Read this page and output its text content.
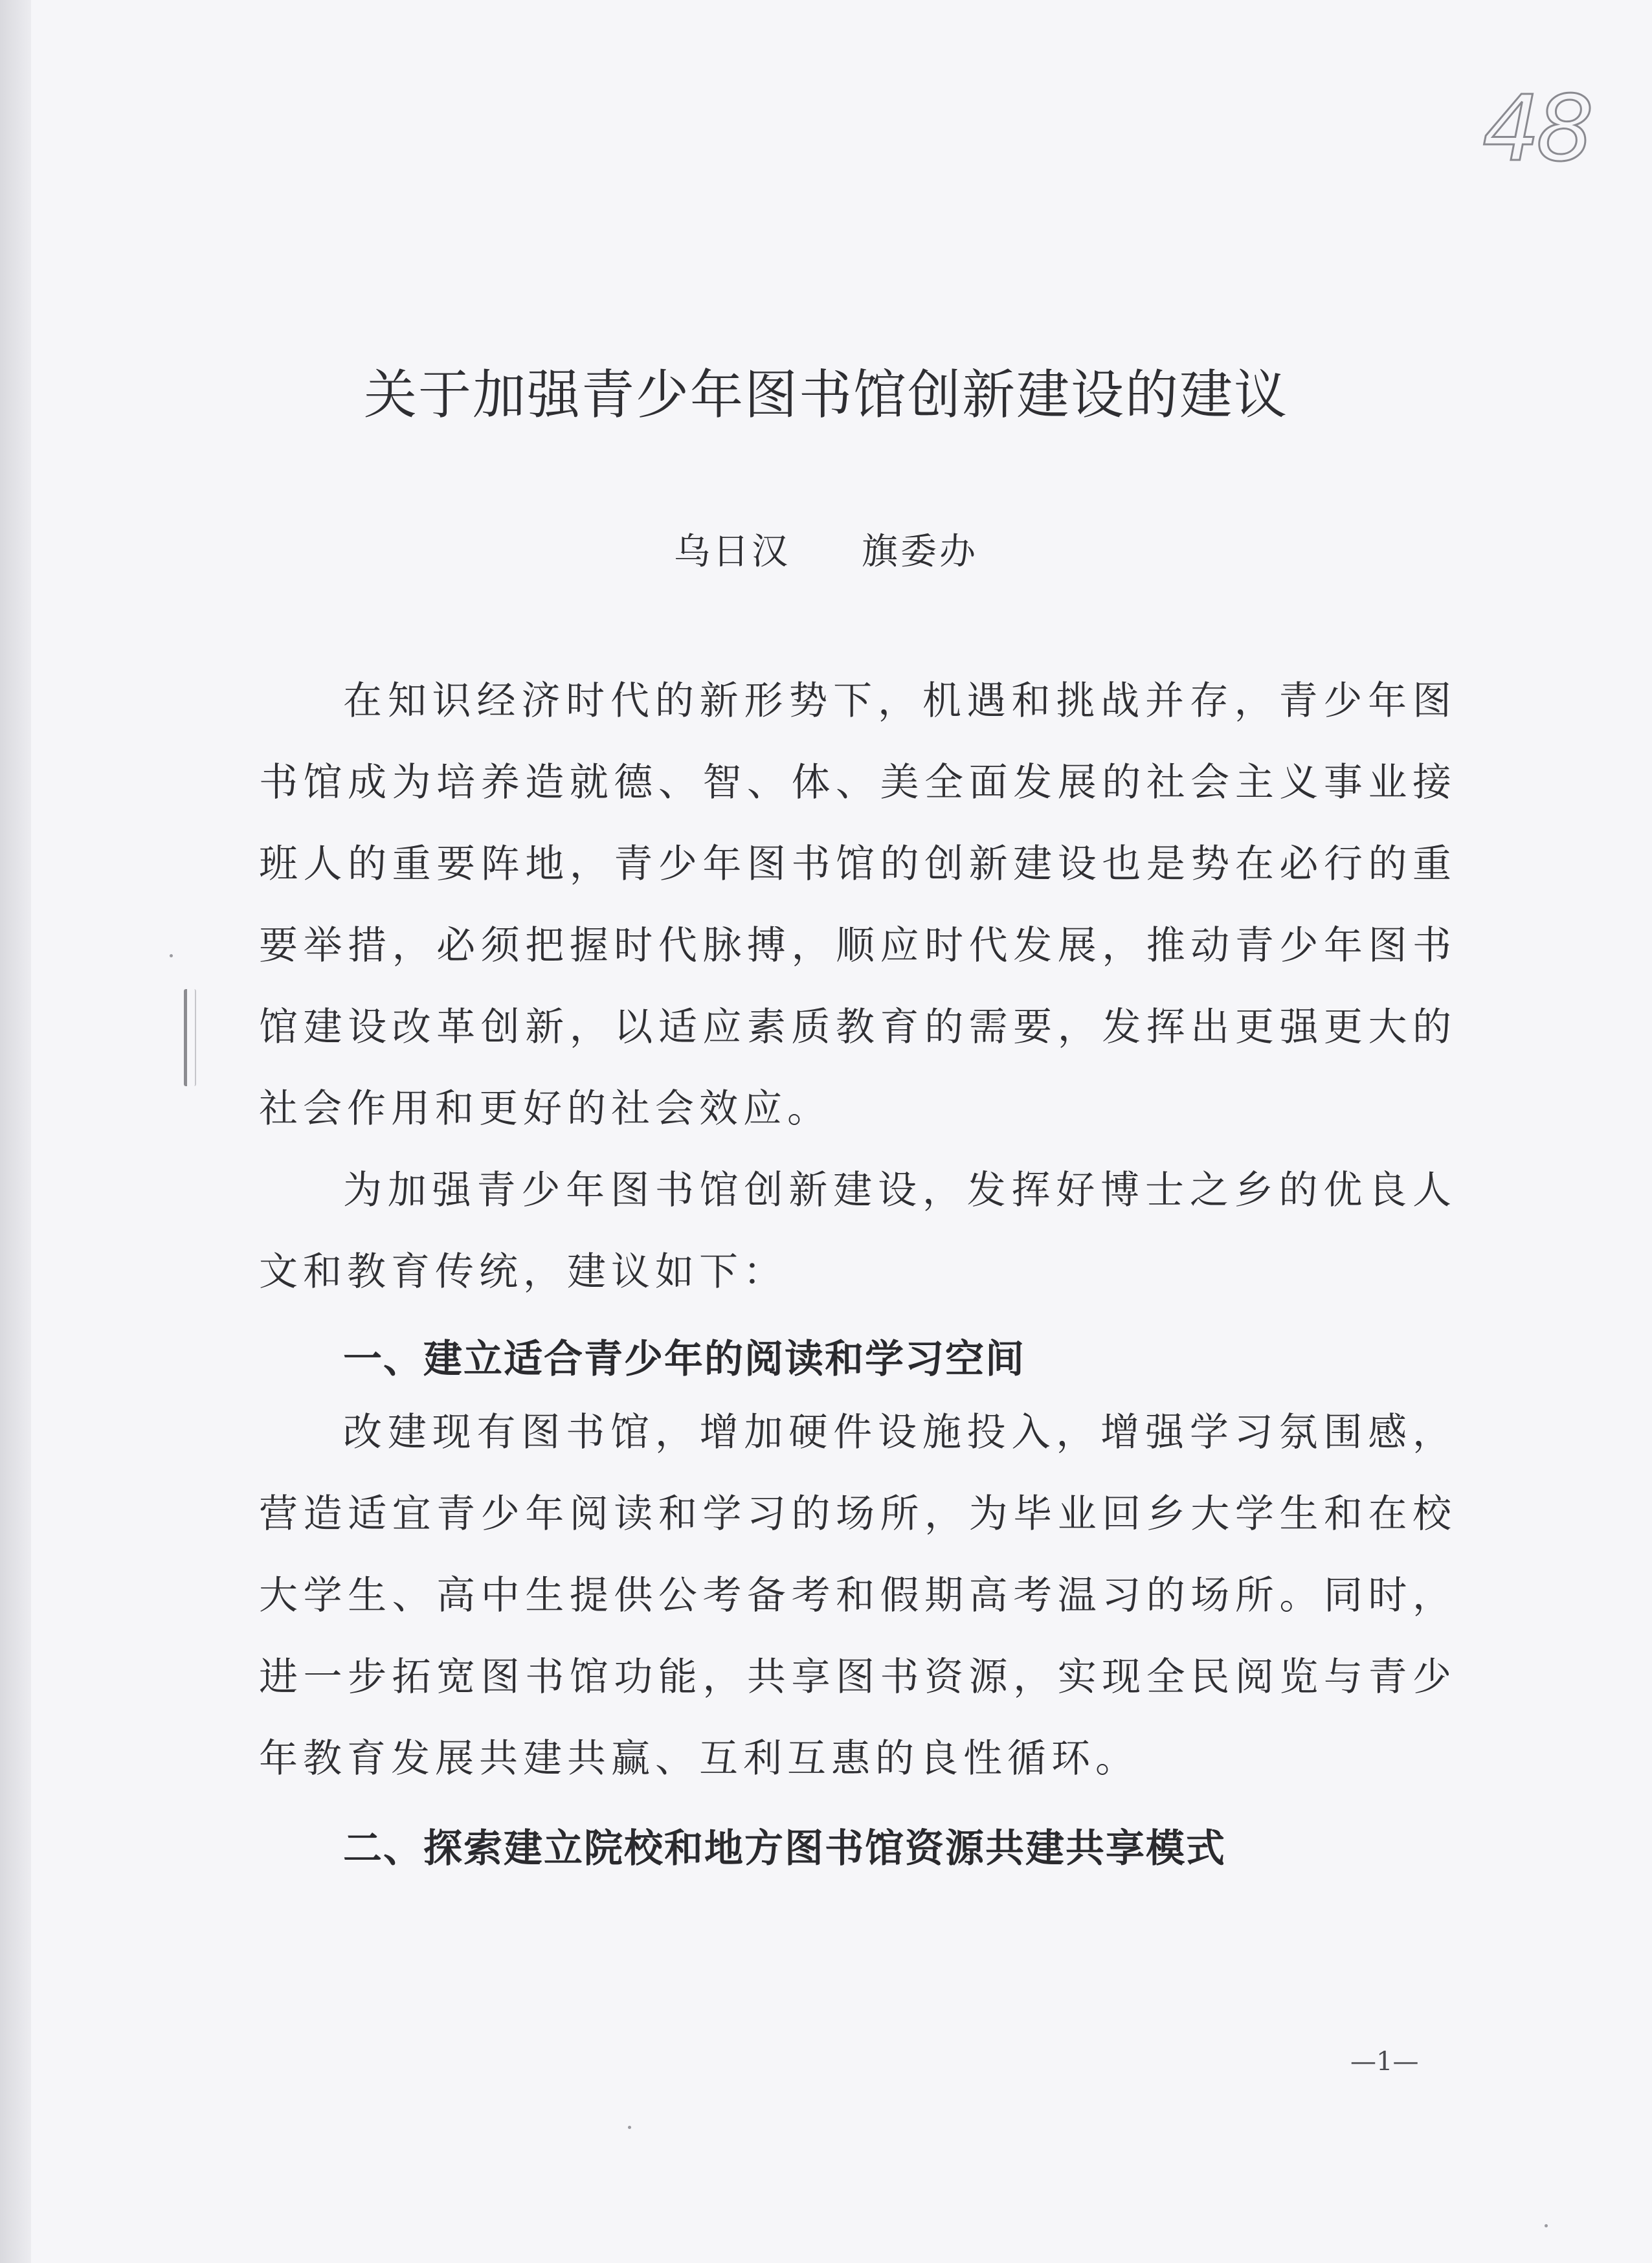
48
关于加强青少年图书馆创新建设的建议
乌日汉 旗委办

在知识经济时代的新形势下，机遇和挑战并存，青少年图书馆成为培养造就德、智、体、美全面发展的社会主义事业接班人的重要阵地，青少年图书馆的创新建设也是势在必行的重要举措，必须把握时代脉搏，顺应时代发展，推动青少年图书馆建设改革创新，以适应素质教育的需要，发挥出更强更大的社会作用和更好的社会效应。

为加强青少年图书馆创新建设，发挥好博士之乡的优良人文和教育传统，建议如下：

一、建立适合青少年的阅读和学习空间

改建现有图书馆，增加硬件设施投入，增强学习氛围感，营造适宜青少年阅读和学习的场所，为毕业回乡大学生和在校大学生、高中生提供公考备考和假期高考温习的场所。同时，进一步拓宽图书馆功能，共享图书资源，实现全民阅览与青少年教育发展共建共赢、互利互惠的良性循环。

二、探索建立院校和地方图书馆资源共建共享模式
—1—
